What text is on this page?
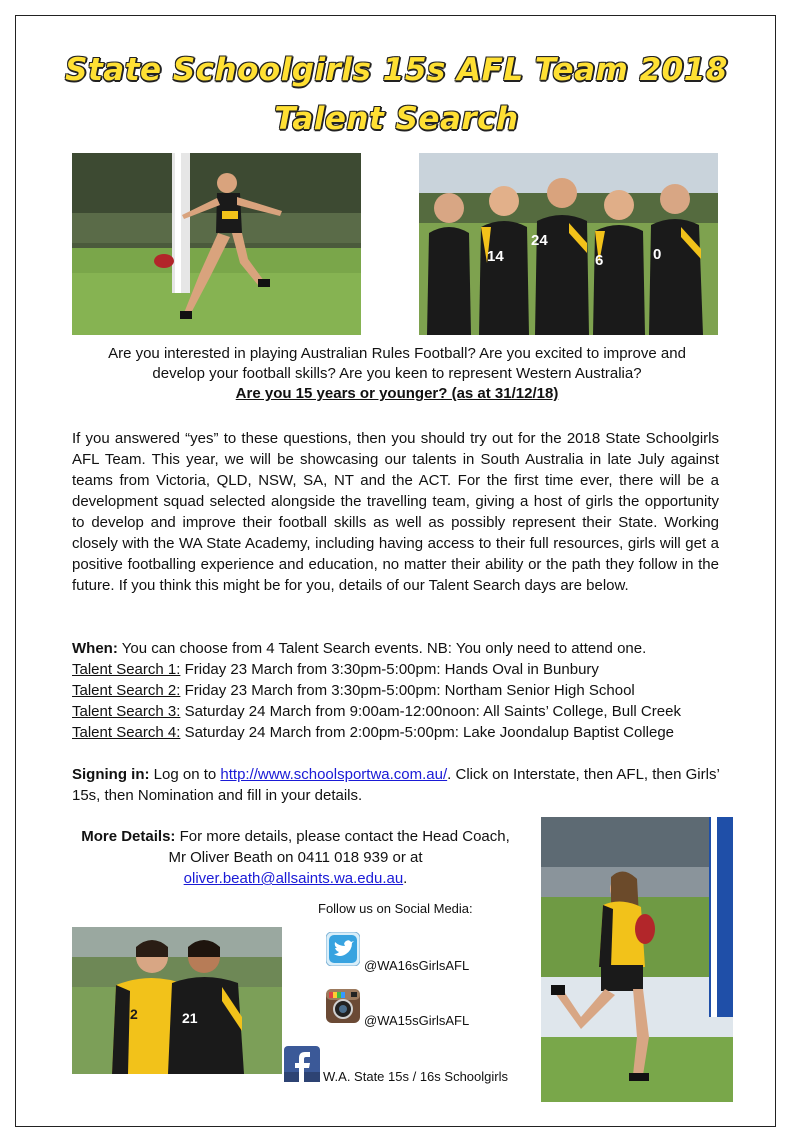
State Schoolgirls 15s AFL Team 2018
Talent Search
14
24
6	0
Are you interested in playing Australian Rules Football? Are you excited to improve and
develop your football skills? Are you keen to represent Western Australia?
Are you 15 years or younger? (as at 31/12/18)
If you answered “yes” to these questions, then you should try out for the 2018 State Schoolgirls AFL Team. This year, we will be showcasing our talents in South Australia in late July against teams from Victoria, QLD, NSW, SA, NT and the ACT. For the first time ever, there will be a development squad selected alongside the travelling team, giving a host of girls the opportunity to develop and improve their football skills as well as possibly represent their State. Working closely with the WA State Academy, including having access to their full resources, girls will get a positive footballing experience and education, no matter their ability or the path they follow in the future. If you think this might be for you, details of our Talent Search days are below.
When: You can choose from 4 Talent Search events. NB: You only need to attend one.
Talent Search 1: Friday 23 March from 3:30pm-5:00pm: Hands Oval in Bunbury
Talent Search 2: Friday 23 March from 3:30pm-5:00pm: Northam Senior High School
Talent Search 3: Saturday 24 March from 9:00am-12:00noon: All Saints’ College, Bull Creek
Talent Search 4: Saturday 24 March from 2:00pm-5:00pm: Lake Joondalup Baptist College
Signing in: Log on to http://www.schoolsportwa.com.au/. Click on Interstate, then AFL, then Girls’ 15s, then Nomination and fill in your details.
More Details: For more details, please contact the Head Coach,
Mr Oliver Beath on 0411 018 939 or at
oliver.beath@allsaints.wa.edu.au.
2	21
Follow us on Social Media:
@WA16sGirlsAFL
@WA15sGirlsAFL
W.A. State 15s / 16s Schoolgirls
